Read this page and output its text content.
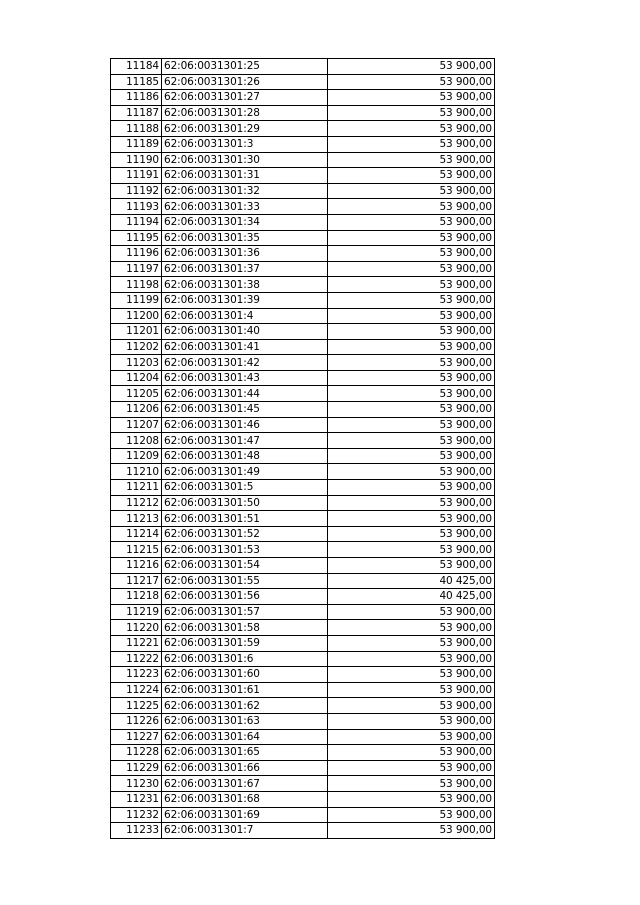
11184	62:06:0031301:25	53 900,00
11185	62:06:0031301:26	53 900,00
11186	62:06:0031301:27	53 900,00
11187	62:06:0031301:28	53 900,00
11188	62:06:0031301:29	53 900,00
11189	62:06:0031301:3	53 900,00
11190	62:06:0031301:30	53 900,00
11191	62:06:0031301:31	53 900,00
11192	62:06:0031301:32	53 900,00
11193	62:06:0031301:33	53 900,00
11194	62:06:0031301:34	53 900,00
11195	62:06:0031301:35	53 900,00
11196	62:06:0031301:36	53 900,00
11197	62:06:0031301:37	53 900,00
11198	62:06:0031301:38	53 900,00
11199	62:06:0031301:39	53 900,00
11200	62:06:0031301:4	53 900,00
11201	62:06:0031301:40	53 900,00
11202	62:06:0031301:41	53 900,00
11203	62:06:0031301:42	53 900,00
11204	62:06:0031301:43	53 900,00
11205	62:06:0031301:44	53 900,00
11206	62:06:0031301:45	53 900,00
11207	62:06:0031301:46	53 900,00
11208	62:06:0031301:47	53 900,00
11209	62:06:0031301:48	53 900,00
11210	62:06:0031301:49	53 900,00
11211	62:06:0031301:5	53 900,00
11212	62:06:0031301:50	53 900,00
11213	62:06:0031301:51	53 900,00
11214	62:06:0031301:52	53 900,00
11215	62:06:0031301:53	53 900,00
11216	62:06:0031301:54	53 900,00
11217	62:06:0031301:55	40 425,00
11218	62:06:0031301:56	40 425,00
11219	62:06:0031301:57	53 900,00
11220	62:06:0031301:58	53 900,00
11221	62:06:0031301:59	53 900,00
11222	62:06:0031301:6	53 900,00
11223	62:06:0031301:60	53 900,00
11224	62:06:0031301:61	53 900,00
11225	62:06:0031301:62	53 900,00
11226	62:06:0031301:63	53 900,00
11227	62:06:0031301:64	53 900,00
11228	62:06:0031301:65	53 900,00
11229	62:06:0031301:66	53 900,00
11230	62:06:0031301:67	53 900,00
11231	62:06:0031301:68	53 900,00
11232	62:06:0031301:69	53 900,00
11233	62:06:0031301:7	53 900,00
